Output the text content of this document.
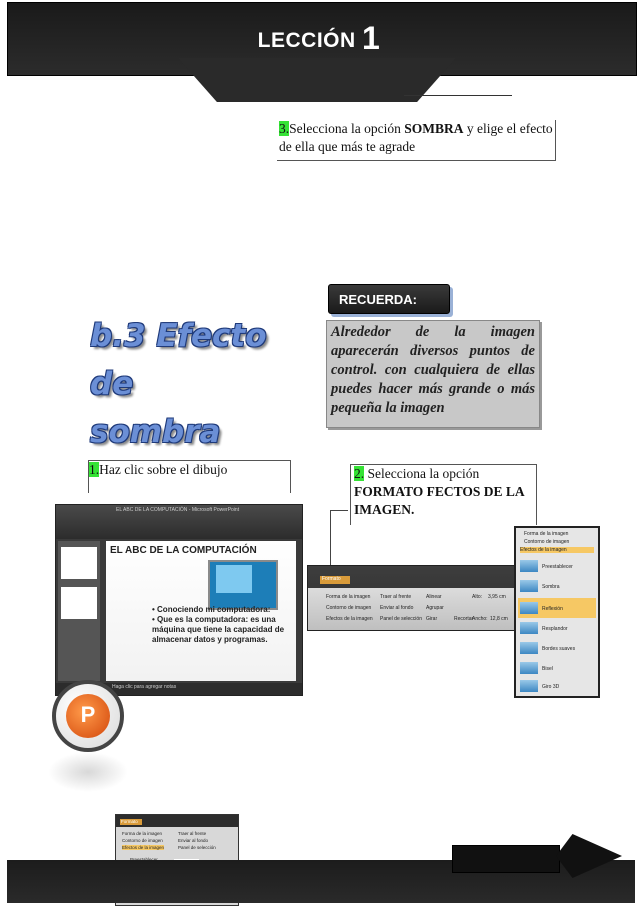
LECCIÓN 1
3.Selecciona la opción SOMBRA y elige el efecto de ella que más te agrade
b.3 Efecto
de sombra
RECUERDA:
Alrededor de la imagen aparecerán diversos puntos de control. con cualquiera de ellas puedes hacer más grande o más pequeña la imagen
1.Haz clic sobre el dibujo	2. Selecciona la opción
FORMATO FECTOS DE LA IMAGEN.
EL ABC DE LA COMPUTACIÓN - Microsoft PowerPoint
EL ABC DE LA COMPUTACIÓN
• Conociendo mi computadora:
• Que es la computadora: es una máquina que tiene la capacidad de almacenar datos y programas.
Haga clic para agregar notas
P
Formato
Forma de la imagen
Contorno de imagen
Efectos de la imagen
Traer al frente
Enviar al fondo
Panel de selección
Alinear
Agrupar
Girar	Recortar
Alto: 3,95 cm
Ancho: 12,8 cm
Forma de la imagen
Contorno de imagen
Efectos de la imagen
Preestablecer
Sombra
Reflexión
Resplandor
Bordes suaves
Bisel
Giro 3D
Formato
Forma de la imagen
Contorno de imagen
Efectos de la imagen
Traer al frente
Enviar al fondo
Panel de selección
